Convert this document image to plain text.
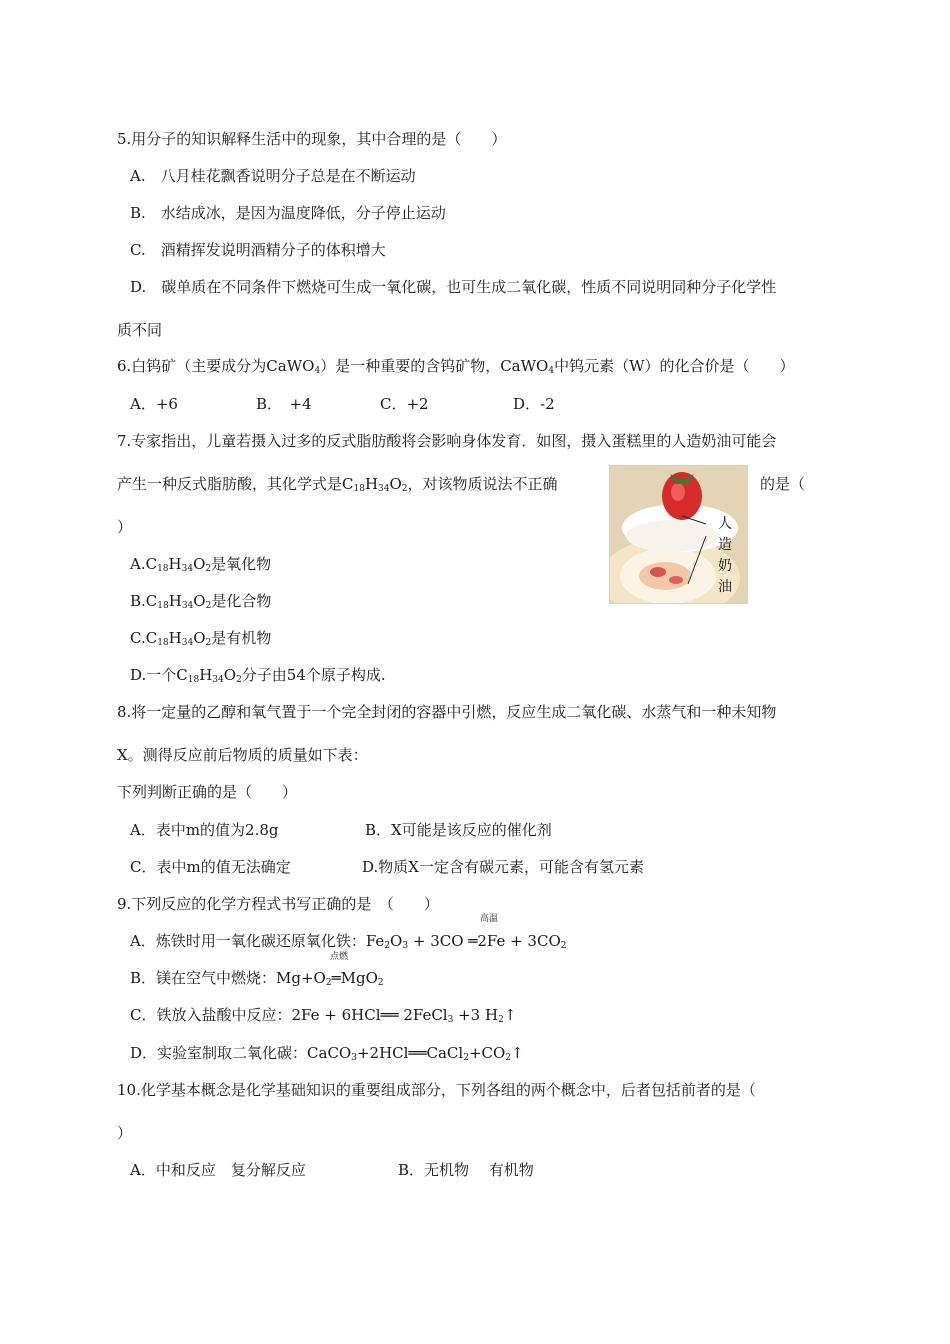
5.用分子的知识解释生活中的现象，其中合理的是（　　）
A.　八月桂花飘香说明分子总是在不断运动
B.　水结成冰，是因为温度降低，分子停止运动
C.　酒精挥发说明酒精分子的体积增大
D.　碳单质在不同条件下燃烧可生成一氧化碳，也可生成二氧化碳，性质不同说明同种分子化学性
质不同
6.白钨矿（主要成分为CaWO$_4$）是一种重要的含钨矿物，CaWO$_4$中钨元素（W）的化合价是（　　）
A．+6	B．　+4	C．+2	D．-2
7.专家指出，儿童若摄入过多的反式脂肪酸将会影响身体发育．如图，摄入蛋糕里的人造奶油可能会
产生一种反式脂肪酸，其化学式是$C_{18}H_{34}O_2$，对该物质说法不正确	的是（
）	人
造
奶
油
$A.C_{18}H_{34}O_2$是氧化物
$B.C_{18}H_{34}O_2$是化合物
$C.C_{18}H_{34}O_2$是有机物
D.一个$C_{18}H_{34}O_2$分子由54个原子构成.
8.将一定量的乙醇和氧气置于一个完全封闭的容器中引燃，反应生成二氧化碳、水蒸气和一种未知物
X。测得反应前后物质的质量如下表：
下列判断正确的是（　　）
A．表中m的值为2.8g	B．X可能是该反应的催化剂
C．表中m的值无法确定	D.物质X一定含有碳元素，可能含有氢元素
9.下列反应的化学方程式书写正确的是　（　　）
高温
A．炼铁时用一氧化碳还原氧化铁：$Fe_2O_3 + 3CO$ ═2Fe + $3CO_2$
点燃
B．镁在空气中燃烧：$Mg+O_2═MgO_2$
C．铁放入盐酸中反应：2Fe + 6HCl══ 2FeCl$_3$ +3 $H_2↑$
D．实验室制取二氧化碳：$CaCO_3+2HCl══CaCl_2+CO_2↑$
10.化学基本概念是化学基础知识的重要组成部分，下列各组的两个概念中，后者包括前者的是（
）
A．中和反应　复分解反应	B．无机物　 有机物
